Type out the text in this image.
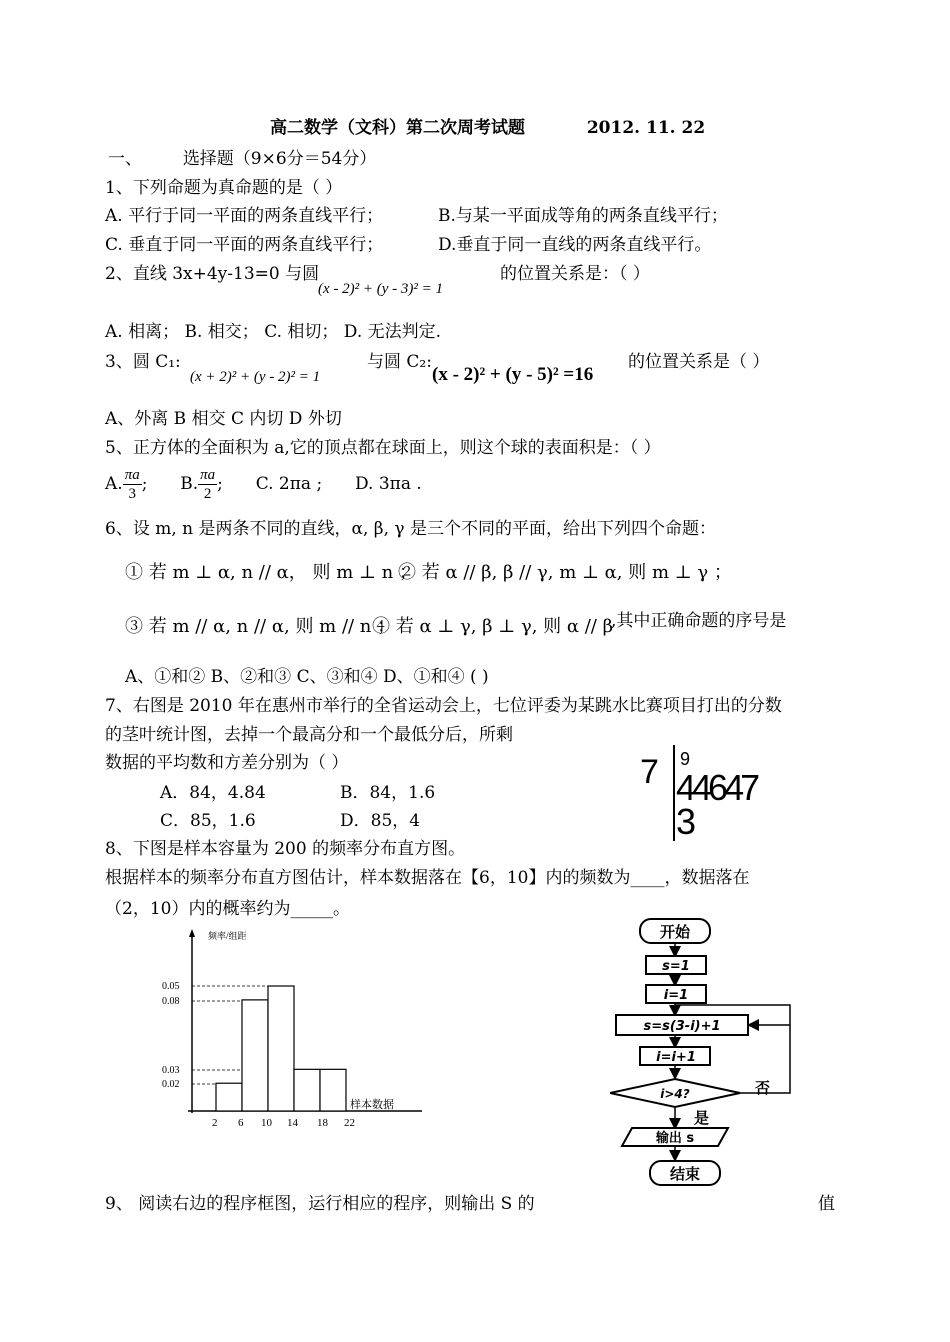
高二数学（文科）第二次周考试题	2012. 11. 22
一、 选择题（9×6分＝54分）
1、下列命题为真命题的是（ ）
A. 平行于同一平面的两条直线平行；	B.与某一平面成等角的两条直线平行；
C. 垂直于同一平面的两条直线平行；	D.垂直于同一直线的两条直线平行。
2、直线 3x+4y-13=0 与圆
(x - 2)² + (y - 3)² = 1
的位置关系是：（ ）
A. 相离； B. 相交； C. 相切； D. 无法判定.
3、圆 C₁:
(x + 2)² + (y - 2)² = 1
与圆 C₂:
(x - 2)² + (y - 5)² =16
的位置关系是（ ）
A、外离 B 相交 C 内切 D 外切
5、正方体的全面积为 a,它的顶点都在球面上，则这个球的表面积是：（ ）
A. $\frac{\pi a}{3}$ ;  B. $\frac{\pi a}{2}$ ;  C. 2πa ; D. 3πa .
6、设 m, n 是两条不同的直线，α, β, γ 是三个不同的平面，给出下列四个命题：
① 若 m ⊥ α, n // α， 则 m ⊥ n ；
② 若 α // β, β // γ, m ⊥ α, 则 m ⊥ γ ；
③ 若 m // α, n // α, 则 m // n ；
④ 若 α ⊥ γ, β ⊥ γ, 则 α // β
,其中正确命题的序号是
A、①和② B、②和③ C、③和④ D、①和④ ( )
7、右图是 2010 年在惠州市举行的全省运动会上，七位评委为某跳水比赛项目打出的分数
的茎叶统计图，去掉一个最高分和一个最低分后，所剩
数据的平均数和方差分别为（ ）
A．84，4.84	B．84，1.6
C．85，1.6	D．85，4
7 9
44647
3
8、下图是样本容量为 200 的频率分布直方图。
根据样本的频率分布直方图估计，样本数据落在【6，10】内的频数为____，数据落在
（2，10）内的概率约为_____。
频率/组距
样本数据
0.05
0.08
0.03
0.02
2 6 10 14 18 22
开始
s=1
i=1
s=s(3-i)+1
i=i+1
i>4?	否
是
输出 s
结束
9、 阅读右边的程序框图，运行相应的程序，则输出 S 的	值
